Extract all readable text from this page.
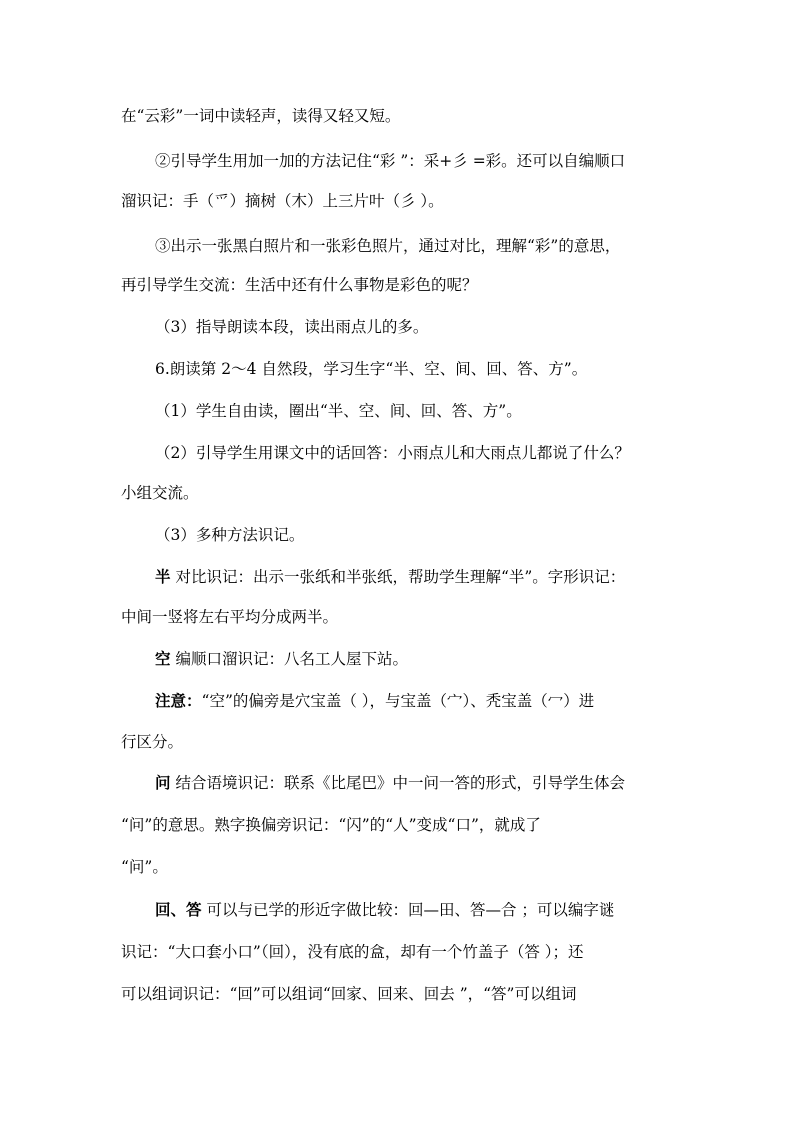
在“云彩”一词中读轻声，读得又轻又短。
②引导学生用加一加的方法记住“彩 ”：采+彡 =彩。还可以自编顺口
溜识记：手（爫）摘树（木）上三片叶（彡 ）。
③出示一张黑白照片和一张彩色照片，通过对比，理解“彩”的意思，
再引导学生交流：生活中还有什么事物是彩色的呢？
（3）指导朗读本段，读出雨点儿的多。
6.朗读第 2～4 自然段，学习生字“半、空、间、回、答、方”。
（1）学生自由读，圈出“半、空、间、回、答、方”。
（2）引导学生用课文中的话回答：小雨点儿和大雨点儿都说了什么？
小组交流。
（3）多种方法识记。
半 对比识记：出示一张纸和半张纸，帮助学生理解“半”。字形识记：
中间一竖将左右平均分成两半。
空 编顺口溜识记：八名工人屋下站。
注意：“空”的偏旁是穴宝盖（ ），与宝盖（宀）、秃宝盖（冖）进
行区分。
问 结合语境识记：联系《比尾巴》中一问一答的形式，引导学生体会
“问”的意思。熟字换偏旁识记：“闪”的“人”变成“口”，就成了
“问”。
回、答 可以与已学的形近字做比较：回—田、答—合 ；可以编字谜
识记：“大口套小口”（回），没有底的盒，却有一个竹盖子（答 ）；还
可以组词识记：“回”可以组词“回家、回来、回去 ”，“答”可以组词
